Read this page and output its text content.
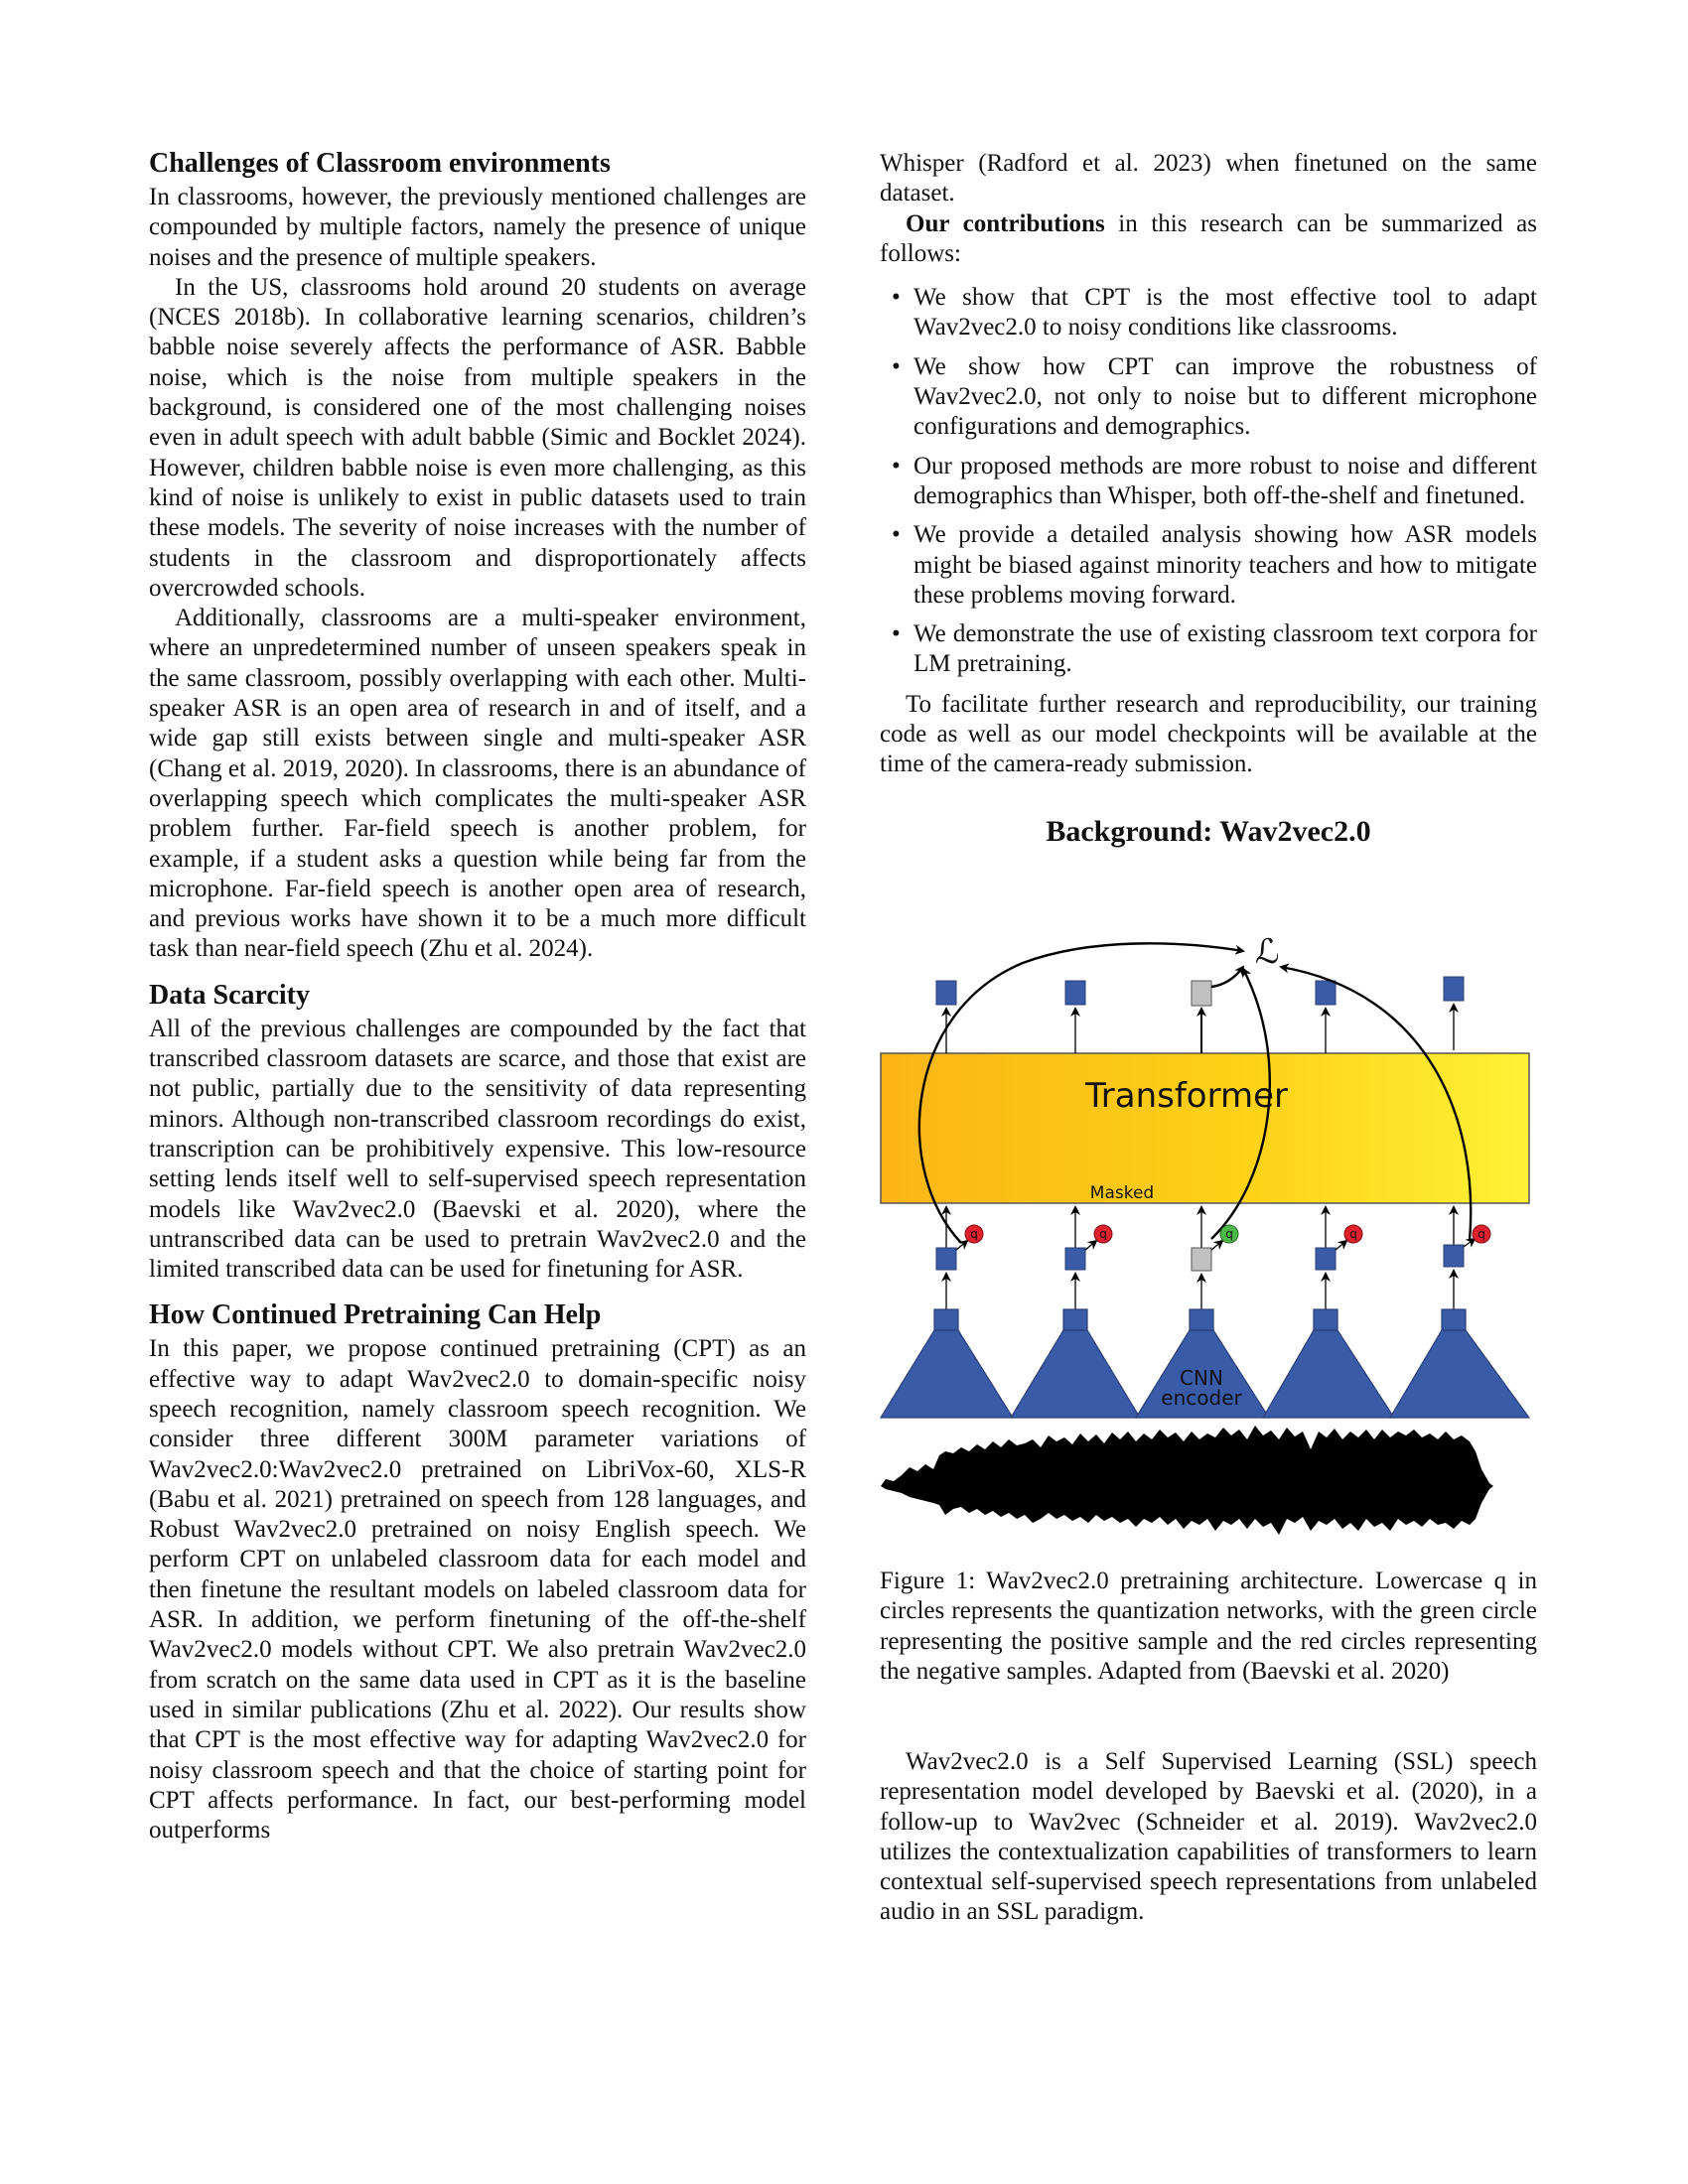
Challenges of Classroom environments

In classrooms, however, the previously mentioned challenges are compounded by multiple factors, namely the presence of unique noises and the presence of multiple speakers.

In the US, classrooms hold around 20 students on average (NCES 2018b). In collaborative learning scenarios, children’s babble noise severely affects the performance of ASR. Babble noise, which is the noise from multiple speakers in the background, is considered one of the most challenging noises even in adult speech with adult babble (Simic and Bocklet 2024). However, children babble noise is even more challenging, as this kind of noise is unlikely to exist in public datasets used to train these models. The severity of noise increases with the number of students in the classroom and disproportionately affects overcrowded schools.

Additionally, classrooms are a multi-speaker environment, where an unpredetermined number of unseen speakers speak in the same classroom, possibly overlapping with each other. Multi-speaker ASR is an open area of research in and of itself, and a wide gap still exists between single and multi-speaker ASR (Chang et al. 2019, 2020). In classrooms, there is an abundance of overlapping speech which complicates the multi-speaker ASR problem further. Far-field speech is another problem, for example, if a student asks a question while being far from the microphone. Far-field speech is another open area of research, and previous works have shown it to be a much more difficult task than near-field speech (Zhu et al. 2024).

Data Scarcity

All of the previous challenges are compounded by the fact that transcribed classroom datasets are scarce, and those that exist are not public, partially due to the sensitivity of data representing minors. Although non-transcribed classroom recordings do exist, transcription can be prohibitively expensive. This low-resource setting lends itself well to self-supervised speech representation models like Wav2vec2.0 (Baevski et al. 2020), where the untranscribed data can be used to pretrain Wav2vec2.0 and the limited transcribed data can be used for finetuning for ASR.

How Continued Pretraining Can Help

In this paper, we propose continued pretraining (CPT) as an effective way to adapt Wav2vec2.0 to domain-specific noisy speech recognition, namely classroom speech recognition. We consider three different 300M parameter variations of Wav2vec2.0:Wav2vec2.0 pretrained on LibriVox-60, XLS-R (Babu et al. 2021) pretrained on speech from 128 languages, and Robust Wav2vec2.0 pretrained on noisy English speech. We perform CPT on unlabeled classroom data for each model and then finetune the resultant models on labeled classroom data for ASR. In addition, we perform finetuning of the off-the-shelf Wav2vec2.0 models without CPT. We also pretrain Wav2vec2.0 from scratch on the same data used in CPT as it is the baseline used in similar publications (Zhu et al. 2022). Our results show that CPT is the most effective way for adapting Wav2vec2.0 for noisy classroom speech and that the choice of starting point for CPT affects performance. In fact, our best-performing model outperforms

Whisper (Radford et al. 2023) when finetuned on the same dataset.

Our contributions in this research can be summarized as follows:

• We show that CPT is the most effective tool to adapt Wav2vec2.0 to noisy conditions like classrooms.
• We show how CPT can improve the robustness of Wav2vec2.0, not only to noise but to different microphone configurations and demographics.
• Our proposed methods are more robust to noise and different demographics than Whisper, both off-the-shelf and finetuned.
• We provide a detailed analysis showing how ASR models might be biased against minority teachers and how to mitigate these problems moving forward.
• We demonstrate the use of existing classroom text corpora for LM pretraining.

To facilitate further research and reproducibility, our training code as well as our model checkpoints will be available at the time of the camera-ready submission.

Background: Wav2vec2.0
Transformer
Masked
ℒ
q	q	q	q	q
CNN
encoder

Figure 1: Wav2vec2.0 pretraining architecture. Lowercase q in circles represents the quantization networks, with the green circle representing the positive sample and the red circles representing the negative samples. Adapted from (Baevski et al. 2020)

Wav2vec2.0 is a Self Supervised Learning (SSL) speech representation model developed by Baevski et al. (2020), in a follow-up to Wav2vec (Schneider et al. 2019). Wav2vec2.0 utilizes the contextualization capabilities of transformers to learn contextual self-supervised speech representations from unlabeled audio in an SSL paradigm.
